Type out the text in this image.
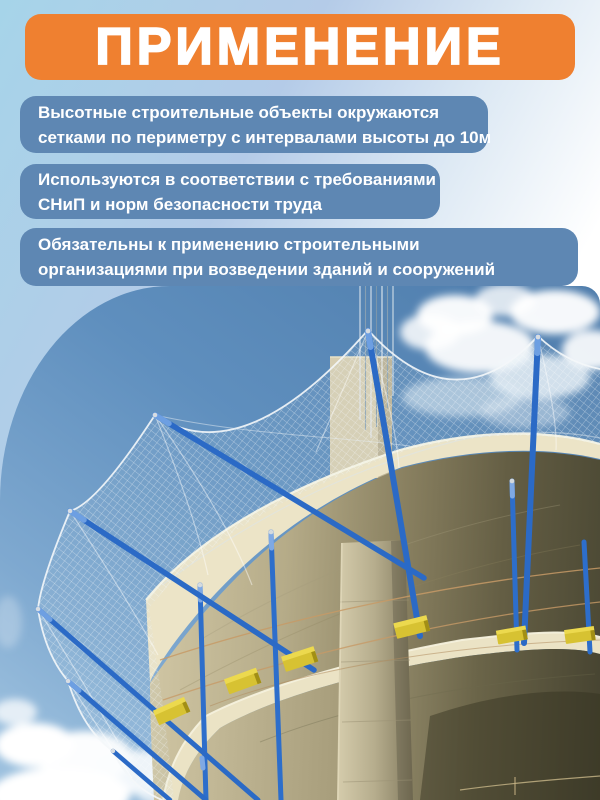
ПРИМЕНЕНИЕ
Высотные строительные объекты окружаются
сетками по периметру с интервалами высоты до 10м
Используются в соответствии с требованиями
СНиП и норм безопасности труда
Обязательны к применению строительными
организациями при возведении зданий и сооружений
